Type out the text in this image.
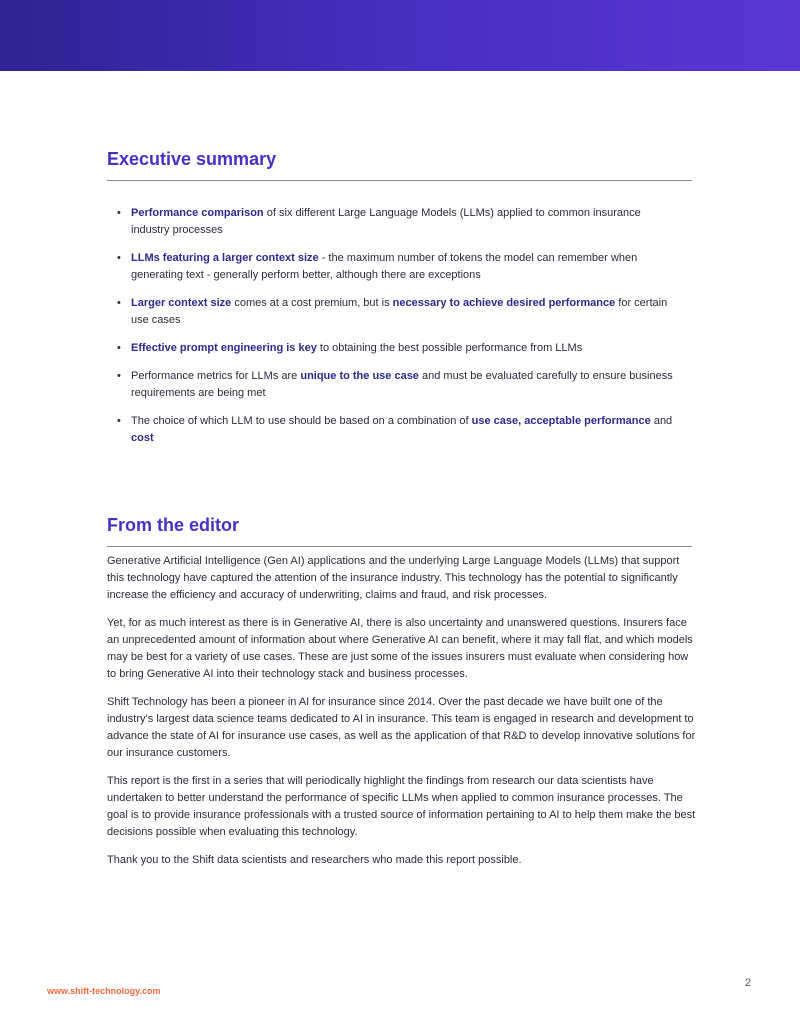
Executive summary
• Performance comparison of six different Large Language Models (LLMs) applied to common insurance industry processes
• LLMs featuring a larger context size - the maximum number of tokens the model can remember when generating text - generally perform better, although there are exceptions
• Larger context size comes at a cost premium, but is necessary to achieve desired performance for certain use cases
• Effective prompt engineering is key to obtaining the best possible performance from LLMs
• Performance metrics for LLMs are unique to the use case and must be evaluated carefully to ensure business requirements are being met
• The choice of which LLM to use should be based on a combination of use case, acceptable performance and cost
From the editor

Generative Artificial Intelligence (Gen AI) applications and the underlying Large Language Models (LLMs) that support this technology have captured the attention of the insurance industry. This technology has the potential to significantly increase the efficiency and accuracy of underwriting, claims and fraud, and risk processes.

Yet, for as much interest as there is in Generative AI, there is also uncertainty and unanswered questions. Insurers face an unprecedented amount of information about where Generative AI can benefit, where it may fall flat, and which models may be best for a variety of use cases. These are just some of the issues insurers must evaluate when considering how to bring Generative AI into their technology stack and business processes.

Shift Technology has been a pioneer in AI for insurance since 2014. Over the past decade we have built one of the industry’s largest data science teams dedicated to AI in insurance. This team is engaged in research and development to advance the state of AI for insurance use cases, as well as the application of that R&D to develop innovative solutions for our insurance customers.

This report is the first in a series that will periodically highlight the findings from research our data scientists have undertaken to better understand the performance of specific LLMs when applied to common insurance processes. The goal is to provide insurance professionals with a trusted source of information pertaining to AI to help them make the best decisions possible when evaluating this technology.

Thank you to the Shift data scientists and researchers who made this report possible.

www.shift-technology.com
2
